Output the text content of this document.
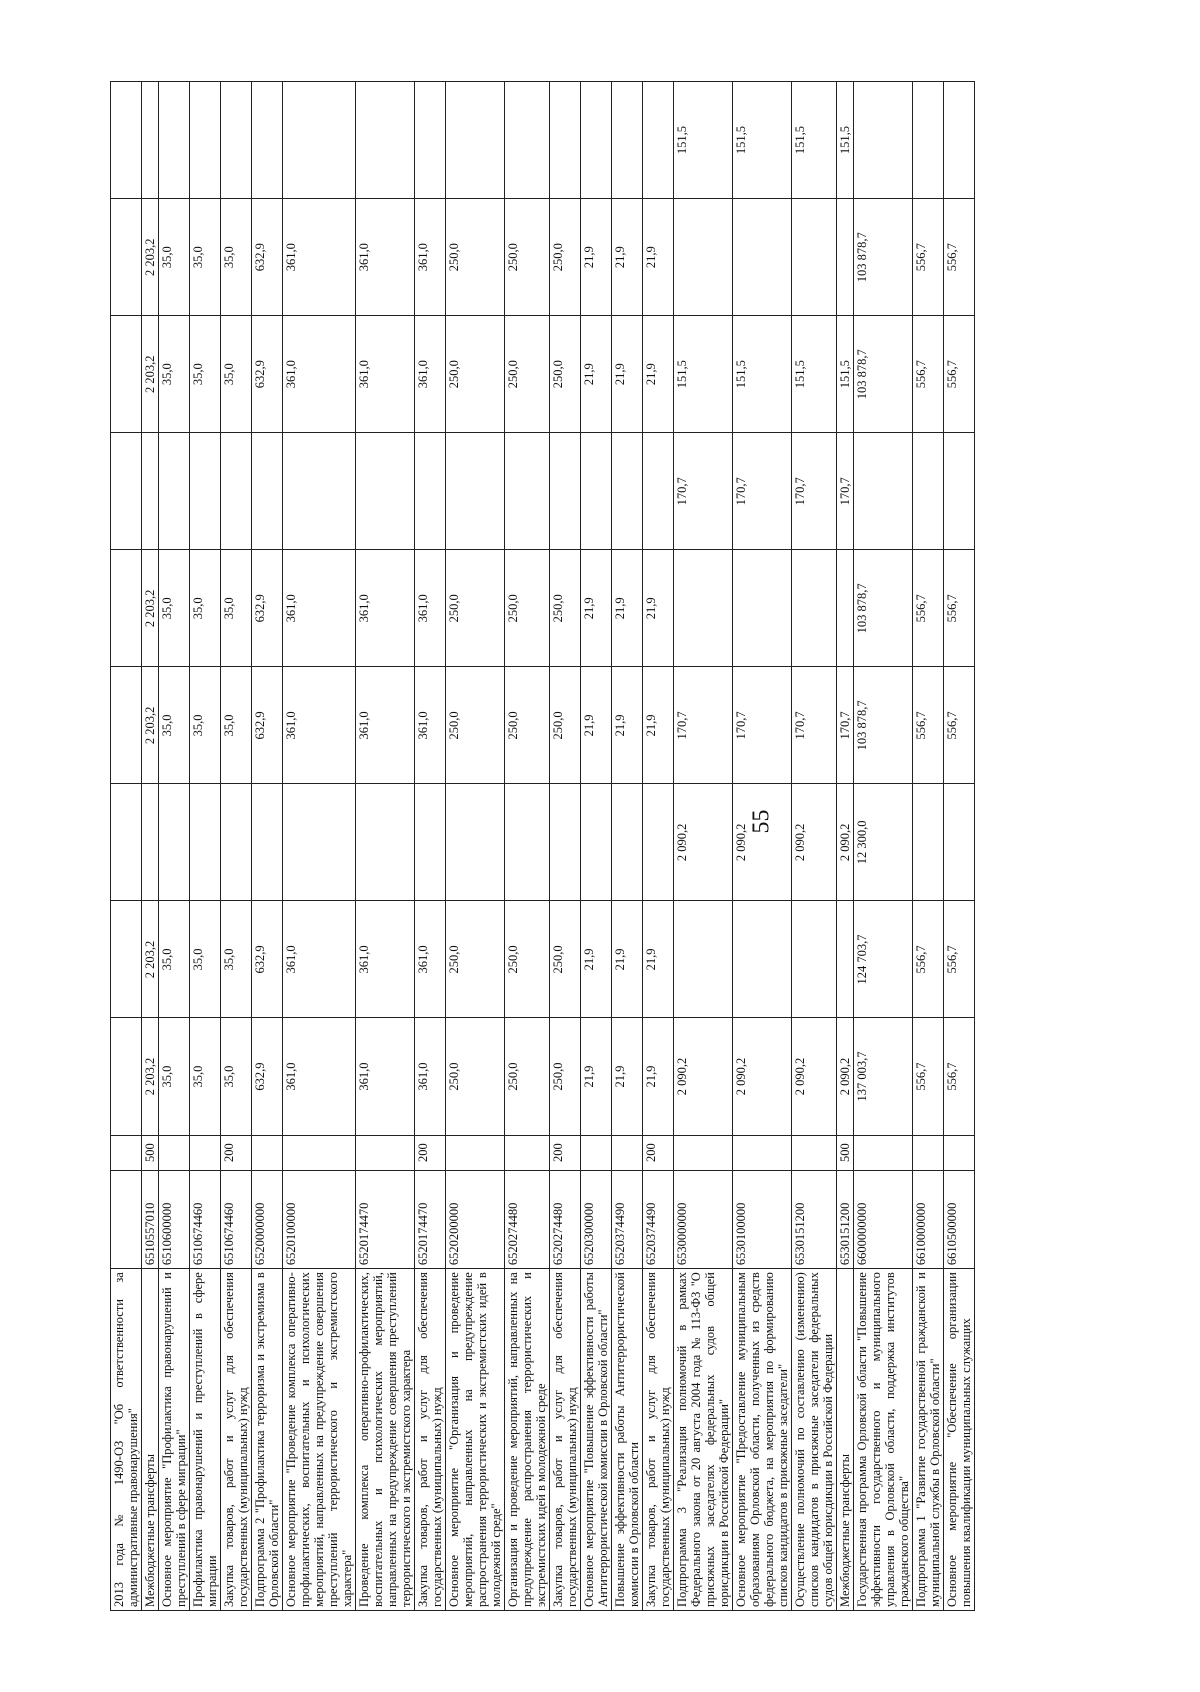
55
2013 года № 1490-ОЗ "Об ответственности за административные правонарушения"											
Межбюджетные трансферты	6510557010	500	2 203,2	2 203,2		2 203,2	2 203,2		2 203,2	2 203,2	
Основное мероприятие "Профилактика правонарушений и преступлений в сфере миграции"	6510600000		35,0	35,0		35,0	35,0		35,0	35,0	
Профилактика правонарушений и преступлений в сфере миграции	6510674460		35,0	35,0		35,0	35,0		35,0	35,0	
Закупка товаров, работ и услуг для обеспечения государственных (муниципальных) нужд	6510674460	200	35,0	35,0		35,0	35,0		35,0	35,0	
Подпрограмма 2 "Профилактика терроризма и экстремизма в Орловской области"	6520000000		632,9	632,9		632,9	632,9		632,9	632,9	
Основное мероприятие "Проведение комплекса оперативно-профилактических, воспитательных и психологических мероприятий, направленных на предупреждение совершения преступлений террористического и экстремистского характера"	6520100000		361,0	361,0		361,0	361,0		361,0	361,0	
Проведение комплекса оперативно-профилактических, воспитательных и психологических мероприятий, направленных на предупреждение совершения преступлений террористического и экстремистского характера	6520174470		361,0	361,0		361,0	361,0		361,0	361,0	
Закупка товаров, работ и услуг для обеспечения государственных (муниципальных) нужд	6520174470	200	361,0	361,0		361,0	361,0		361,0	361,0	
Основное мероприятие "Организация и проведение мероприятий, направленных на предупреждение распространения террористических и экстремистских идей в молодежной среде"	6520200000		250,0	250,0		250,0	250,0		250,0	250,0	
Организация и проведение мероприятий, направленных на предупреждение распространения террористических и экстремистских идей в молодежной среде	6520274480		250,0	250,0		250,0	250,0		250,0	250,0	
Закупка товаров, работ и услуг для обеспечения государственных (муниципальных) нужд	6520274480	200	250,0	250,0		250,0	250,0		250,0	250,0	
Основное мероприятие "Повышение эффективности работы Антитеррористической комиссии в Орловской области"	6520300000		21,9	21,9		21,9	21,9		21,9	21,9	
Повышение эффективности работы Антитеррористической комиссии в Орловской области	6520374490		21,9	21,9		21,9	21,9		21,9	21,9	
Закупка товаров, работ и услуг для обеспечения государственных (муниципальных) нужд	6520374490	200	21,9	21,9		21,9	21,9		21,9	21,9	
Подпрограмма 3 "Реализация полномочий в рамках Федерального закона от 20 августа 2004 года № 113-ФЗ "О присяжных заседателях федеральных судов общей юрисдикции в Российской Федерации"	6530000000		2 090,2		2 090,2	170,7		170,7	151,5		151,5
Основное мероприятие "Предоставление муниципальным образованиям Орловской области, полученных из средств федерального бюджета, на мероприятия по формированию списков кандидатов в присяжные заседатели"	6530100000		2 090,2		2 090,2	170,7		170,7	151,5		151,5
Осуществление полномочий по составлению (изменению) списков кандидатов в присяжные заседатели федеральных судов общей юрисдикции в Российской Федерации	6530151200		2 090,2		2 090,2	170,7		170,7	151,5		151,5
Межбюджетные трансферты	6530151200	500	2 090,2		2 090,2	170,7		170,7	151,5		151,5
Государственная программа Орловской области "Повышение эффективности государственного и муниципального управления в Орловской области, поддержка институтов гражданского общества"	6600000000		137 003,7	124 703,7	12 300,0	103 878,7	103 878,7		103 878,7	103 878,7	
Подпрограмма 1 "Развитие государственной гражданской и муниципальной службы в Орловской области"	6610000000		556,7	556,7		556,7	556,7		556,7	556,7	
Основное мероприятие "Обеспечение организации повышения квалификации муниципальных служащих	6610500000		556,7	556,7		556,7	556,7		556,7	556,7	
